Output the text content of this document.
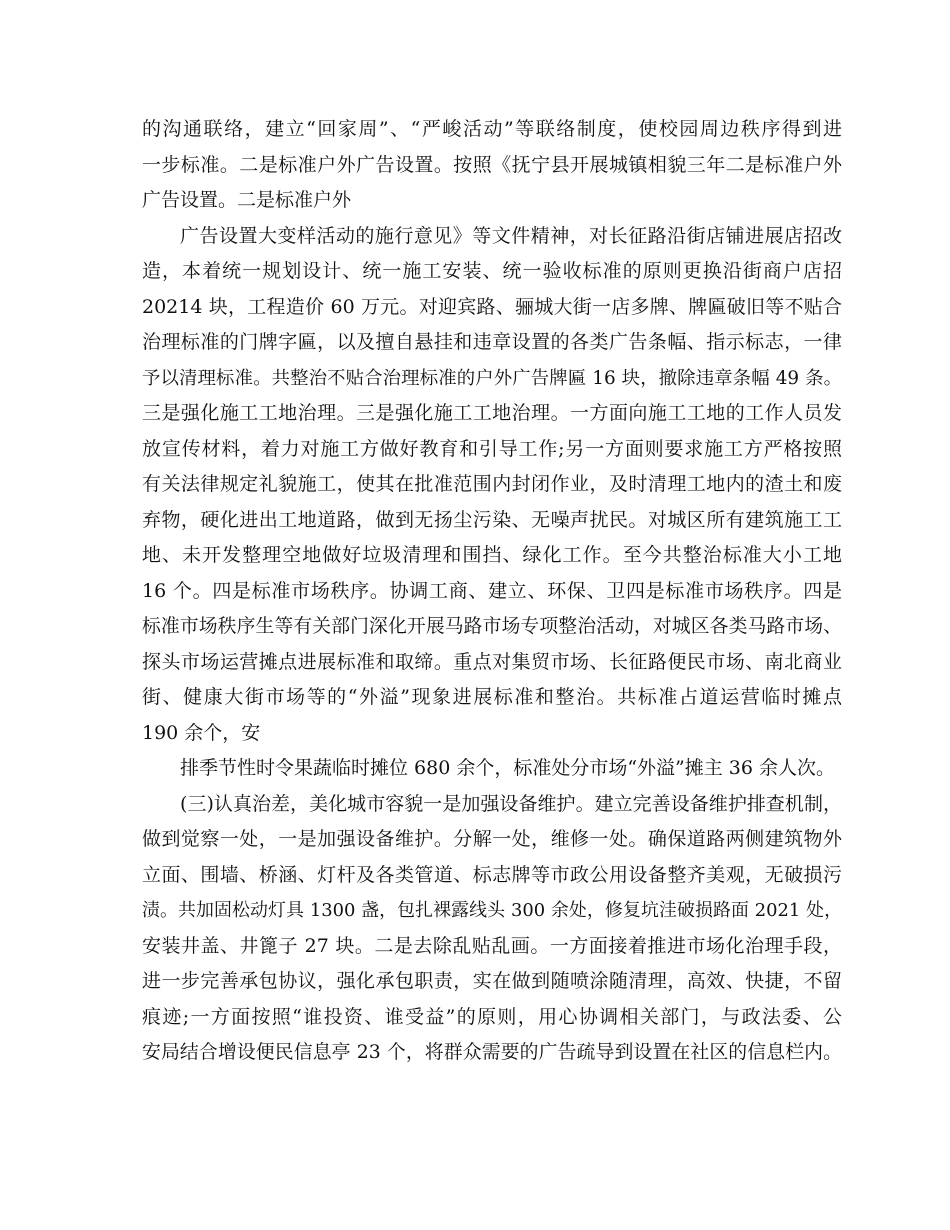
的沟通联络，建立“回家周”、“严峻活动”等联络制度，使校园周边秩序得到进
一步标准。二是标准户外广告设置。按照《抚宁县开展城镇相貌三年二是标准户外
广告设置。二是标准户外
广告设置大变样活动的施行意见》等文件精神，对长征路沿街店铺进展店招改
造，本着统一规划设计、统一施工安装、统一验收标准的原则更换沿街商户店招
20214 块，工程造价 60 万元。对迎宾路、骊城大街一店多牌、牌匾破旧等不贴合
治理标准的门牌字匾，以及擅自悬挂和违章设置的各类广告条幅、指示标志，一律
予以清理标准。共整治不贴合治理标准的户外广告牌匾 16 块，撤除违章条幅 49 条。
三是强化施工工地治理。三是强化施工工地治理。一方面向施工工地的工作人员发
放宣传材料，着力对施工方做好教育和引导工作;另一方面则要求施工方严格按照
有关法律规定礼貌施工，使其在批准范围内封闭作业，及时清理工地内的渣土和废
弃物，硬化进出工地道路，做到无扬尘污染、无噪声扰民。对城区所有建筑施工工
地、未开发整理空地做好垃圾清理和围挡、绿化工作。至今共整治标准大小工地
16 个。四是标准市场秩序。协调工商、建立、环保、卫四是标准市场秩序。四是
标准市场秩序生等有关部门深化开展马路市场专项整治活动，对城区各类马路市场、
探头市场运营摊点进展标准和取缔。重点对集贸市场、长征路便民市场、南北商业
街、健康大街市场等的“外溢”现象进展标准和整治。共标准占道运营临时摊点
190 余个，安
排季节性时令果蔬临时摊位 680 余个，标准处分市场“外溢”摊主 36 余人次。
(三)认真治差，美化城市容貌一是加强设备维护。建立完善设备维护排查机制，
做到觉察一处，一是加强设备维护。分解一处，维修一处。确保道路两侧建筑物外
立面、围墙、桥涵、灯杆及各类管道、标志牌等市政公用设备整齐美观，无破损污
渍。共加固松动灯具 1300 盏，包扎裸露线头 300 余处，修复坑洼破损路面 2021 处，
安装井盖、井篦子 27 块。二是去除乱贴乱画。一方面接着推进市场化治理手段，
进一步完善承包协议，强化承包职责，实在做到随喷涂随清理，高效、快捷，不留
痕迹;一方面按照“谁投资、谁受益”的原则，用心协调相关部门，与政法委、公
安局结合增设便民信息亭 23 个，将群众需要的广告疏导到设置在社区的信息栏内。
